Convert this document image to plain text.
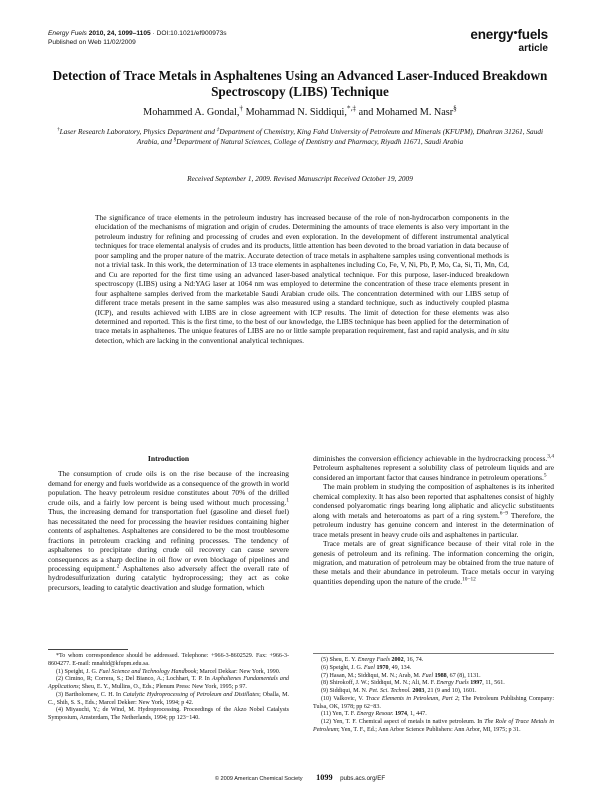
Energy Fuels 2010, 24, 1099–1105 · DOI:10.1021/ef900973s
Published on Web 11/02/2009
energy fuels
article
Detection of Trace Metals in Asphaltenes Using an Advanced Laser-Induced Breakdown Spectroscopy (LIBS) Technique
Mohammed A. Gondal,† Mohammad N. Siddiqui,*,‡ and Mohamed M. Nasr§
†Laser Research Laboratory, Physics Department and ‡Department of Chemistry, King Fahd University of Petroleum and Minerals (KFUPM), Dhahran 31261, Saudi Arabia, and §Department of Natural Sciences, College of Dentistry and Pharmacy, Riyadh 11671, Saudi Arabia
Received September 1, 2009. Revised Manuscript Received October 19, 2009
The significance of trace elements in the petroleum industry has increased because of the role of non-hydrocarbon components in the elucidation of the mechanisms of migration and origin of crudes. Determining the amounts of trace elements is also very important in the petroleum industry for refining and processing of crudes and even exploration. In the development of different instrumental analytical techniques for trace elemental analysis of crudes and its products, little attention has been devoted to the broad variation in data because of poor sampling and the proper nature of the matrix. Accurate detection of trace metals in asphaltene samples using conventional methods is not a trivial task. In this work, the determination of 13 trace elements in asphaltenes including Co, Fe, V, Ni, Pb, P, Mo, Ca, Si, Ti, Mn, Cd, and Cu are reported for the first time using an advanced laser-based analytical technique. For this purpose, laser-induced breakdown spectroscopy (LIBS) using a Nd:YAG laser at 1064 nm was employed to determine the concentration of these trace elements present in four asphaltene samples derived from the marketable Saudi Arabian crude oils. The concentration determined with our LIBS setup of different trace metals present in the same samples was also measured using a standard technique, such as inductively coupled plasma (ICP), and results achieved with LIBS are in close agreement with ICP results. The limit of detection for these elements was also determined and reported. This is the first time, to the best of our knowledge, the LIBS technique has been applied for the determination of trace metals in asphaltenes. The unique features of LIBS are no or little sample preparation requirement, fast and rapid analysis, and in situ detection, which are lacking in the conventional analytical techniques.
Introduction

The consumption of crude oils is on the rise because of the increasing demand for energy and fuels worldwide as a consequence of the growth in world population. The heavy petroleum residue constitutes about 70% of the drilled crude oils, and a fairly low percent is being used without much processing.$^1$ Thus, the increasing demand for transportation fuel (gasoline and diesel fuel) has necessitated the need for processing the heavier residues containing higher contents of asphaltenes. Asphaltenes are considered to be the most troublesome fractions in petroleum cracking and refining processes. The tendency of asphaltenes to precipitate during crude oil recovery can cause severe consequences as a sharp decline in oil flow or even blockage of pipelines and processing equipment.$^2$ Asphaltenes also adversely affect the overall rate of hydrodesulfurization during catalytic hydroprocessing; they act as coke precursors, leading to catalytic deactivation and sludge formation, which

diminishes the conversion efficiency achievable in the hydrocracking process.$^{3,4}$ Petroleum asphaltenes represent a solubility class of petroleum liquids and are considered an important factor that causes hindrance in petroleum operations.$^5$

The main problem in studying the composition of asphaltenes is its inherited chemical complexity. It has also been reported that asphaltenes consist of highly condensed polyaromatic rings bearing long aliphatic and alicyclic substituents along with metals and heteroatoms as part of a ring system.$^{6-9}$ Therefore, the petroleum industry has genuine concern and interest in the determination of trace metals present in heavy crude oils and asphaltenes in particular.

Trace metals are of great significance because of their vital role in the genesis of petroleum and its refining. The information concerning the origin, migration, and maturation of petroleum may be obtained from the true nature of these metals and their abundance in petroleum. Trace metals occur in varying quantities depending upon the nature of the crude.$^{10-12}$

*To whom correspondence should be addressed. Telephone: +966-3-8602529. Fax: +966-3-8604277. E-mail: mnahid@kfupm.edu.sa.
(1) Speight, J. G. Fuel Science and Technology Handbook; Marcel Dekkar: New York, 1990.
(2) Cimino, R; Correra, S.; Del Bianco, A.; Lochhart, T. P. In Asphaltenes Fundamentals and Applications; Sheu, E. Y., Mullins, O., Eds.; Plenum Press: New York, 1995; p 97.
(3) Bartholomew, C. H. In Catalytic Hydroprocessing of Petroleum and Distillates; Oballa, M. C., Shih, S. S., Eds.; Marcel Dekker: New York, 1994; p 42.
(4) Miyauchi, Y.; de Wind, M. Hydroprocessing. Proceedings of the Akzo Nobel Catalysts Symposium, Amsterdam, The Netherlands, 1994; pp 123−140.
(5) Sheu, E. Y. Energy Fuels 2002, 16, 74.
(6) Speight, J. G. Fuel 1970, 49, 134.
(7) Hasan, M.; Siddiqui, M. N.; Arab, M. Fuel 1988, 67 (8), 1131.
(8) Shirokoff, J. W.; Siddiqui, M. N.; Ali, M. F. Energy Fuels 1997, 11, 561.
(9) Siddiqui, M. N. Pet. Sci. Technol. 2003, 21 (9 and 10), 1601.
(10) Valkovic, V. Trace Elements in Petroleum, Part 2; The Petroleum Publishing Company: Tulsa, OK, 1978; pp 62−83.
(11) Yen, T. F. Energy Resour. 1974, 1, 447.
(12) Yen, T. F. Chemical aspect of metals in native petroleum. In The Role of Trace Metals in Petroleum; Yen, T. F., Ed.; Ann Arbor Science Publishers: Ann Arbor, MI, 1975; p 31.
© 2009 American Chemical Society 1099 pubs.acs.org/EF
